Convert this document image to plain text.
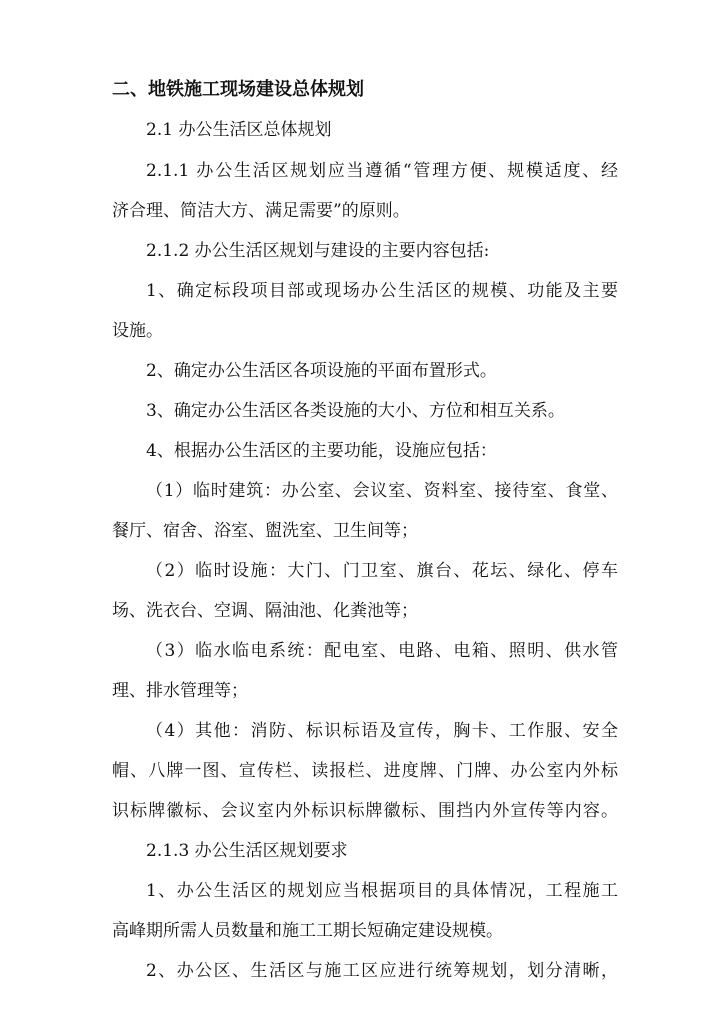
二、地铁施工现场建设总体规划
2.1 办公生活区总体规划
2.1.1 办公生活区规划应当遵循“管理方便、规模适度、经
济合理、简洁大方、满足需要”的原则。
2.1.2 办公生活区规划与建设的主要内容包括:
1、确定标段项目部或现场办公生活区的规模、功能及主要
设施。
2、确定办公生活区各项设施的平面布置形式。
3、确定办公生活区各类设施的大小、方位和相互关系。
4、根据办公生活区的主要功能，设施应包括：
（1）临时建筑：办公室、会议室、资料室、接待室、食堂、
餐厅、宿舍、浴室、盥洗室、卫生间等；
（2）临时设施：大门、门卫室、旗台、花坛、绿化、停车
场、洗衣台、空调、隔油池、化粪池等；
（3）临水临电系统：配电室、电路、电箱、照明、供水管
理、排水管理等；
（4）其他：消防、标识标语及宣传，胸卡、工作服、安全
帽、八牌一图、宣传栏、读报栏、进度牌、门牌、办公室内外标
识标牌徽标、会议室内外标识标牌徽标、围挡内外宣传等内容。
2.1.3 办公生活区规划要求
1、办公生活区的规划应当根据项目的具体情况，工程施工
高峰期所需人员数量和施工工期长短确定建设规模。
2、办公区、生活区与施工区应进行统筹规划，划分清晰，
